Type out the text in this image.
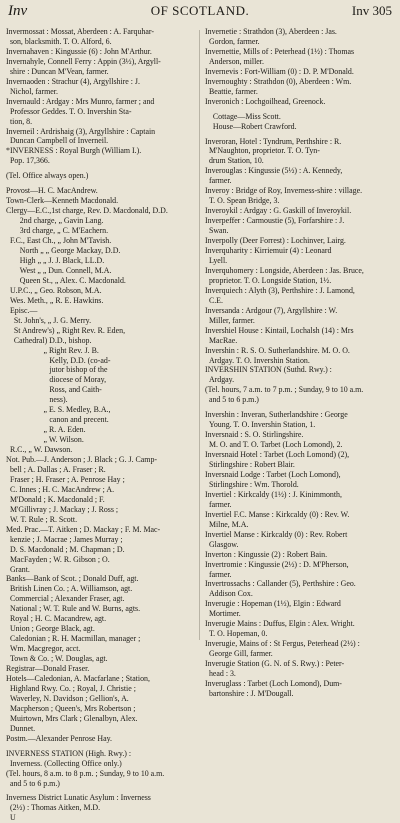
Inv	OF SCOTLAND.	Inv 305
Invermossat : Mossat, Aberdeen : A. Farquhar-
son, blacksmith. T. O. Alford, 6.
Invernahaven : Kingussie (6) : John M'Arthur.
Invernahyle, Connell Ferry : Appin (3½), Argyll-
shire : Duncan M'Vean, farmer.
Invernaoden : Strachur (4), Argyllshire : J.
Nichol, farmer.
Invernauld : Ardgay : Mrs Munro, farmer ; and
Professor Geddes. T. O. Invershin Sta-
tion, 8.
Inverneil : Ardrishaig (3), Argyllshire : Captain
Duncan Campbell of Inverneil.
*INVERNESS : Royal Burgh (William I.).
Pop. 17,366.

(Tel. Office always open.)

Provost—H. C. MacAndrew.
Town-Clerk—Kenneth Macdonald.
Clergy—E.C.,1st charge, Rev. D. Macdonald, D.D.
2nd charge, „ Gavin Lang.
3rd charge, „ C. M'Eachern.
F.C., East Ch., „ John M'Tavish.
North „ „ George Mackay, D.D.
High „ „ J. J. Black, LL.D.
West „ „ Dun. Connell, M.A.
Queen St., „ Alex. C. Macdonald.
U.P.C., „ Geo. Robson, M.A.
Wes. Meth., „ R. E. Hawkins.
Episc.—
St. John's, „ J. G. Merry.
St Andrew's) „ Right Rev. R. Eden,
Cathedral) D.D., bishop.
„ Right Rev. J. B.
Kelly, D.D. (co-ad-
jutor bishop of the
diocese of Moray,
Ross, and Caith-
ness).
„ E. S. Medley, B.A.,
canon and precent.
„ R. A. Eden.
„ W. Wilson.
R.C., „ W. Dawson.
Not. Pub.—J. Anderson ; J. Black ; G. J. Camp-
bell ; A. Dallas ; A. Fraser ; R.
Fraser ; H. Fraser ; A. Penrose Hay ;
C. Innes ; H. C. MacAndrew ; A.
M'Donald ; K. Macdonald ; F.
M'Gillivray ; J. Mackay ; J. Ross ;
W. T. Rule ; R. Scott.
Med. Prac.—T. Aitken ; D. Mackay ; F. M. Mac-
kenzie ; J. Macrae ; James Murray ;
D. S. Macdonald ; M. Chapman ; D.
MacFayden ; W. R. Gibson ; O.
Grant.
Banks—Bank of Scot. ; Donald Duff, agt.
British Linen Co. ; A. Williamson, agt.
Commercial ; Alexander Fraser, agt.
National ; W. T. Rule and W. Burns, agts.
Royal ; H. C. Macandrew, agt.
Union ; George Black, agt.
Caledonian ; R. H. Macmillan, manager ;
Wm. Macgregor, acct.
Town & Co. ; W. Douglas, agt.
Registrar—Donald Fraser.
Hotels—Caledonian, A. Macfarlane ; Station,
Highland Rwy. Co. ; Royal, J. Christie ;
Waverley, N. Davidson ; Gellion's, A.
Macpherson ; Queen's, Mrs Robertson ;
Muirtown, Mrs Clark ; Glenalbyn, Alex.
Dunnet.
Postm.—Alexander Penrose Hay.

INVERNESS STATION (High. Rwy.) :
Inverness. (Collecting Office only.)
(Tel. hours, 8 a.m. to 8 p.m. ; Sunday, 9 to 10 a.m.
and 5 to 6 p.m.)

Inverness District Lunatic Asylum : Inverness
(2½) : Thomas Aitken, M.D.
U
Invernetie : Strathdon (3), Aberdeen : Jas.
Gordon, farmer.
Invernettie, Mills of : Peterhead (1½) : Thomas
Anderson, miller.
Invernevis : Fort-William (0) : D. P. M'Donald.
Invernoughty : Strathdon (0), Aberdeen : Wm.
Beattie, farmer.
Inveronich : Lochgoilhead, Greenock.

Cottage—Miss Scott.
House—Robert Crawford.

Inveroran, Hotel : Tyndrum, Perthshire : R.
M'Naughton, proprietor. T. O. Tyn-
drum Station, 10.
Inverouglas : Kingussie (5½) : A. Kennedy,
farmer.
Inveroy : Bridge of Roy, Inverness-shire : village.
T. O. Spean Bridge, 3.
Inveroykil : Ardgay : G. Gaskill of Inveroykil.
Inverpeffer : Carmoustie (5), Forfarshire : J.
Swan.
Inverpolly (Deer Forrest) : Lochinver, Lairg.
Inverquharity : Kirriemuir (4) : Leonard
Lyell.
Inverquhomery : Longside, Aberdeen : Jas. Bruce,
proprietor. T. O. Longside Station, 1½.
Inverquiech : Alyth (3), Perthshire : J. Lamond,
C.E.
Inversanda : Ardgour (7), Argyllshire : W.
Miller, farmer.
Invershiel House : Kintail, Lochalsh (14) : Mrs
MacRae.
Invershin : R. S. O. Sutherlandshire. M. O. O.
Ardgay. T. O. Invershin Station.
INVERSHIN STATION (Suthd. Rwy.) :
Ardgay.
(Tel. hours, 7 a.m. to 7 p.m. ; Sunday, 9 to 10 a.m.
and 5 to 6 p.m.)

Invershin : Inveran, Sutherlandshire : George
Young. T. O. Invershin Station, 1.
Inversnaid : S. O. Stirlingshire.
M. O. and T. O. Tarbet (Loch Lomond), 2.
Inversnaid Hotel : Tarbet (Loch Lomond) (2),
Stirlingshire : Robert Blair.
Inversnaid Lodge : Tarbet (Loch Lomond),
Stirlingshire : Wm. Thorold.
Invertiel : Kirkcaldy (1½) : J. Kinimmonth,
farmer.
Invertiel F.C. Manse : Kirkcaldy (0) : Rev. W.
Milne, M.A.
Invertiel Manse : Kirkcaldy (0) : Rev. Robert
Glasgow.
Inverton : Kingussie (2) : Robert Bain.
Invertromie : Kingussie (2½) : D. M'Pherson,
farmer.
Invertrossachs : Callander (5), Perthshire : Geo.
Addison Cox.
Inverugie : Hopeman (1½), Elgin : Edward
Mortimer.
Inverugie Mains : Duffus, Elgin : Alex. Wright.
T. O. Hopeman, 0.
Inverugie, Mains of : St Fergus, Peterhead (2½) :
George Gill, farmer.
Inverugie Station (G. N. of S. Rwy.) : Peter-
head : 3.
Inveruglass : Tarbet (Loch Lomond), Dum-
bartonshire : J. M'Dougall.
